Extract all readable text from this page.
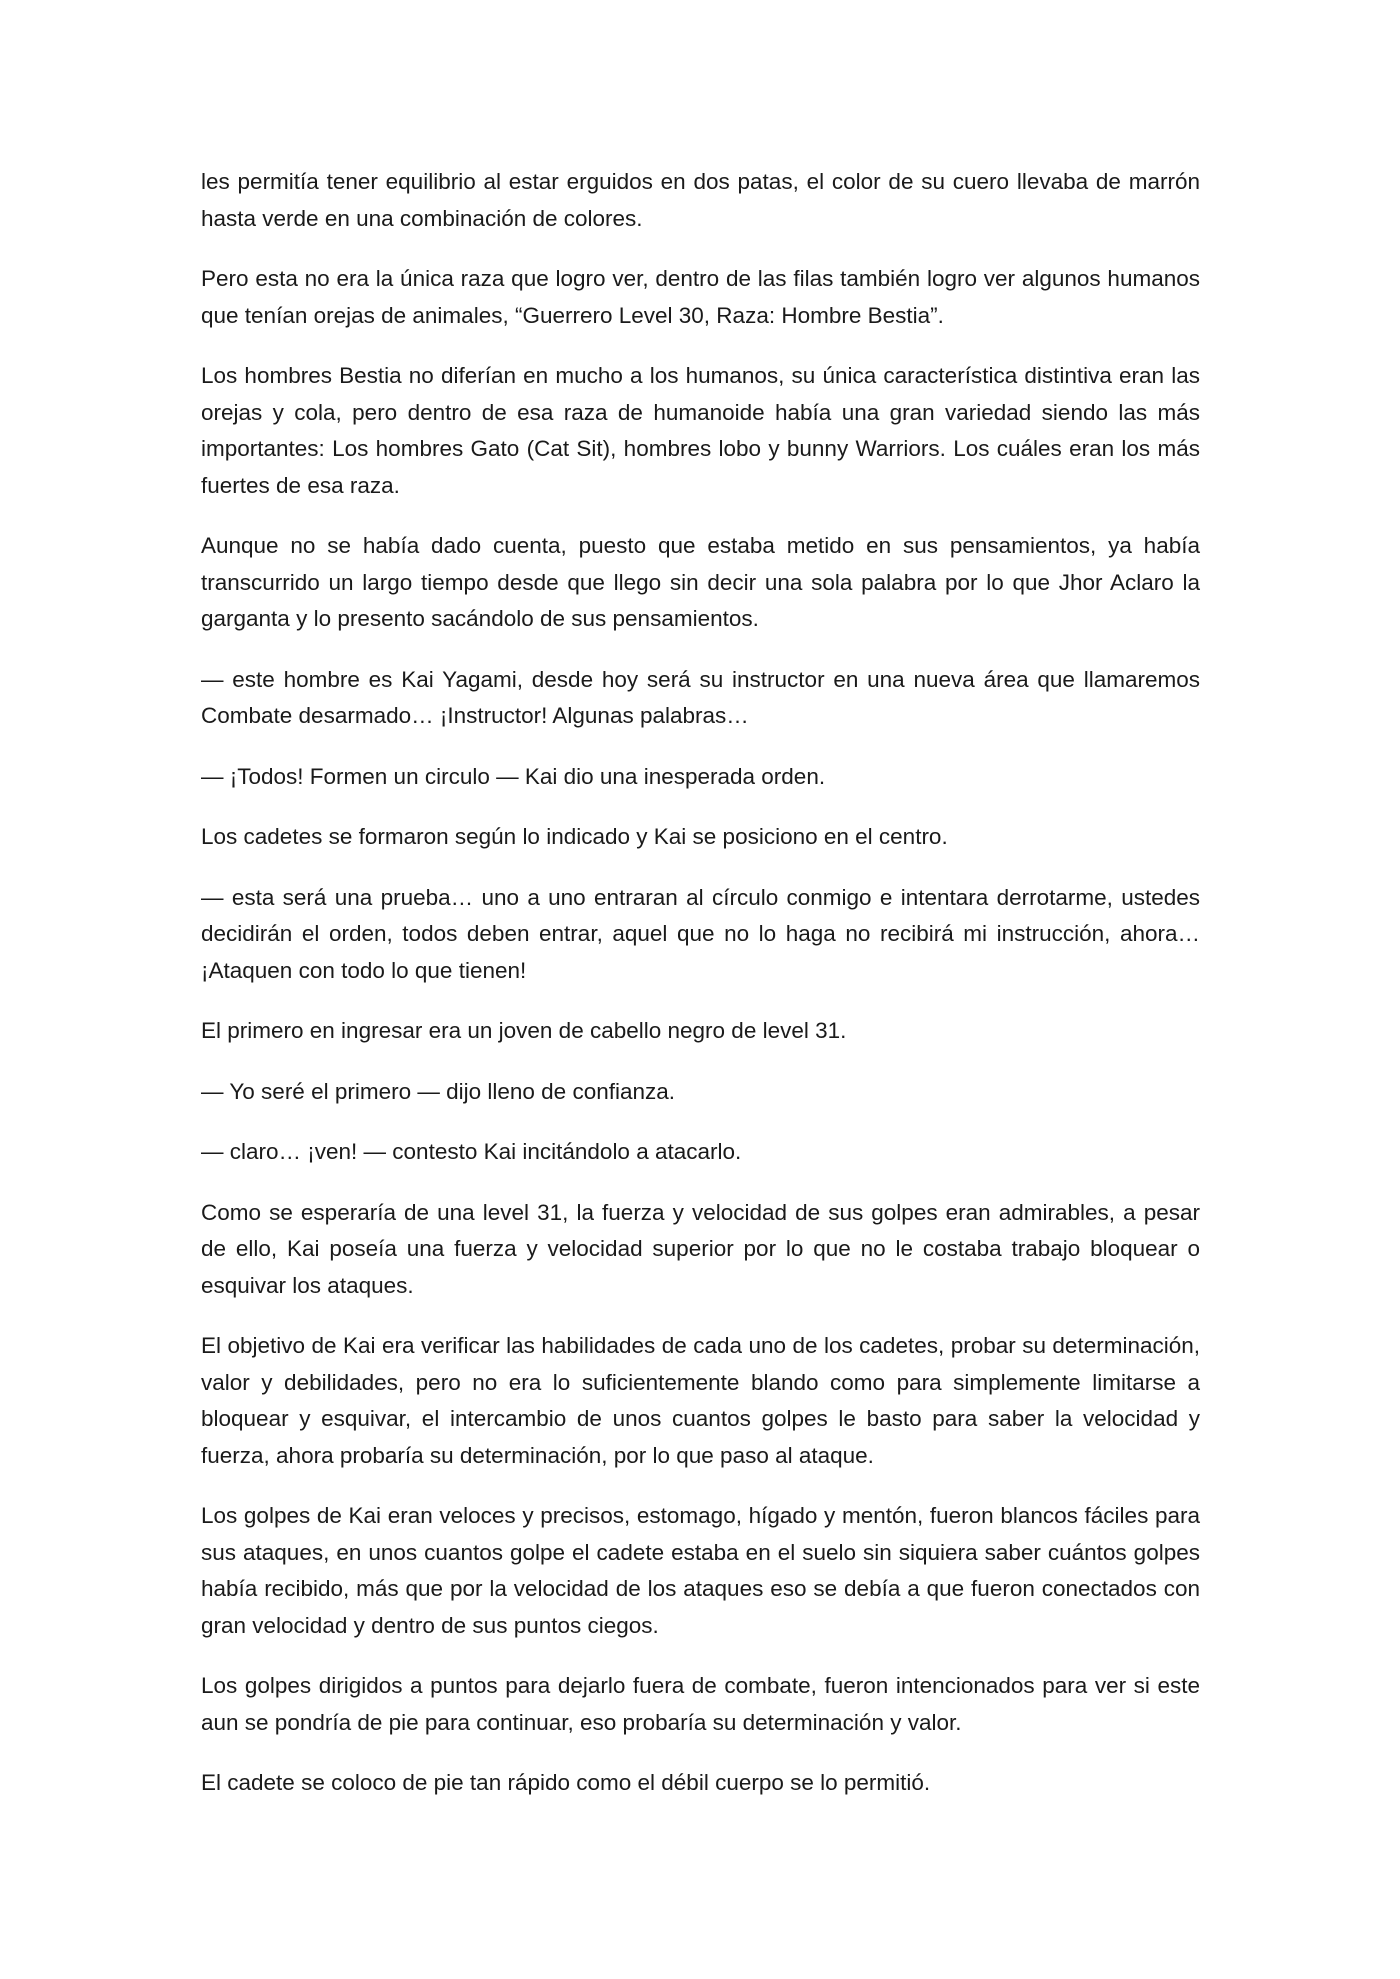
les permitía tener equilibrio al estar erguidos en dos patas, el color de su cuero llevaba de marrón hasta verde en una combinación de colores.

Pero esta no era la única raza que logro ver, dentro de las filas también logro ver algunos humanos que tenían orejas de animales, “Guerrero Level 30, Raza: Hombre Bestia”.

Los hombres Bestia no diferían en mucho a los humanos, su única característica distintiva eran las orejas y cola, pero dentro de esa raza de humanoide había una gran variedad siendo las más importantes: Los hombres Gato (Cat Sit), hombres lobo y bunny Warriors. Los cuáles eran los más fuertes de esa raza.

Aunque no se había dado cuenta, puesto que estaba metido en sus pensamientos, ya había transcurrido un largo tiempo desde que llego sin decir una sola palabra por lo que Jhor Aclaro la garganta y lo presento sacándolo de sus pensamientos.

— este hombre es Kai Yagami, desde hoy será su instructor en una nueva área que llamaremos Combate desarmado… ¡Instructor! Algunas palabras…

— ¡Todos! Formen un circulo — Kai dio una inesperada orden.

Los cadetes se formaron según lo indicado y Kai se posiciono en el centro.

— esta será una prueba… uno a uno entraran al círculo conmigo e intentara derrotarme, ustedes decidirán el orden, todos deben entrar, aquel que no lo haga no recibirá mi instrucción, ahora… ¡Ataquen con todo lo que tienen!

El primero en ingresar era un joven de cabello negro de level 31.

— Yo seré el primero — dijo lleno de confianza.

— claro… ¡ven! — contesto Kai incitándolo a atacarlo.

Como se esperaría de una level 31, la fuerza y velocidad de sus golpes eran admirables, a pesar de ello, Kai poseía una fuerza y velocidad superior por lo que no le costaba trabajo bloquear o esquivar los ataques.

El objetivo de Kai era verificar las habilidades de cada uno de los cadetes, probar su determinación, valor y debilidades, pero no era lo suficientemente blando como para simplemente limitarse a bloquear y esquivar, el intercambio de unos cuantos golpes le basto para saber la velocidad y fuerza, ahora probaría su determinación, por lo que paso al ataque.

Los golpes de Kai eran veloces y precisos, estomago, hígado y mentón, fueron blancos fáciles para sus ataques, en unos cuantos golpe el cadete estaba en el suelo sin siquiera saber cuántos golpes había recibido, más que por la velocidad de los ataques eso se debía a que fueron conectados con gran velocidad y dentro de sus puntos ciegos.

Los golpes dirigidos a puntos para dejarlo fuera de combate, fueron intencionados para ver si este aun se pondría de pie para continuar, eso probaría su determinación y valor.

El cadete se coloco de pie tan rápido como el débil cuerpo se lo permitió.
